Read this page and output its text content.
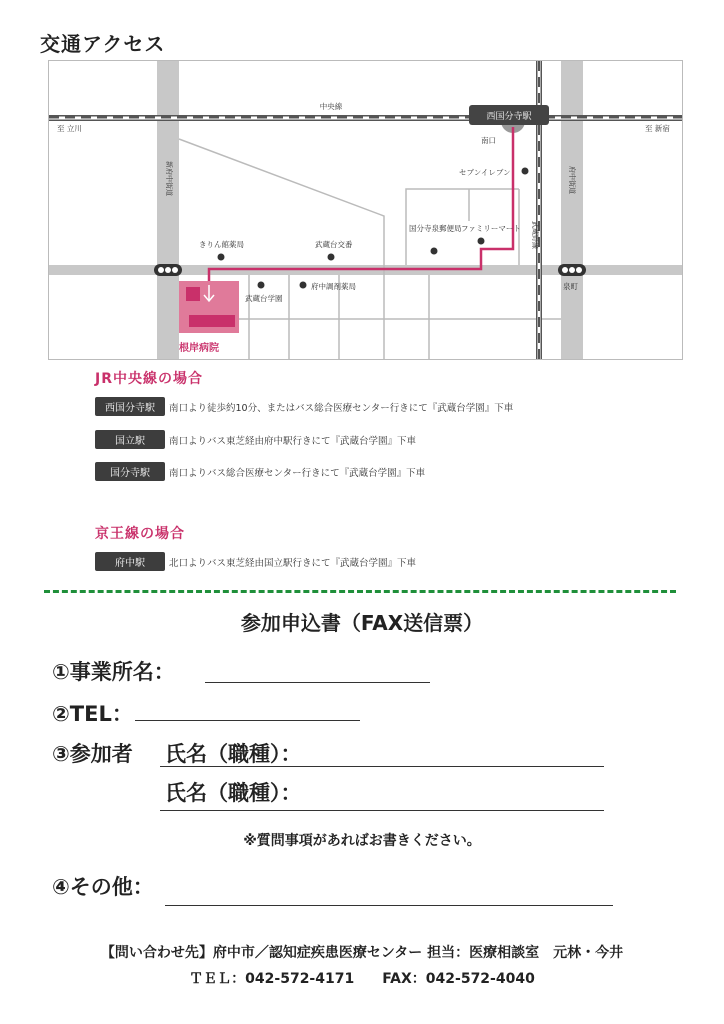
交通アクセス
中央線
至 立川	至 新宿
西国分寺駅
南口
セブンイレブン
ファミリーマート
国分寺泉郵便局
きりん館薬局	武蔵台交番
武蔵台学園
府中調剤薬局	泉町
根岸病院
武蔵野線
新府中街道	府中街道
JR中央線の場合
西国分寺駅	南口より徒歩約10分、またはバス総合医療センター行きにて『武蔵台学園』下車
国立駅	南口よりバス東芝経由府中駅行きにて『武蔵台学園』下車
国分寺駅	南口よりバス総合医療センター行きにて『武蔵台学園』下車
京王線の場合
府中駅	北口よりバス東芝経由国立駅行きにて『武蔵台学園』下車
参加申込書（FAX送信票）
①事業所名：
②TEL：
③参加者 氏名（職種）：
氏名（職種）：
※質問事項があればお書きください。
④その他：
【問い合わせ先】府中市／認知症疾患医療センター 担当：医療相談室　元林・今井
ＴＥＬ：042-572-4171　　FAX：042-572-4040
